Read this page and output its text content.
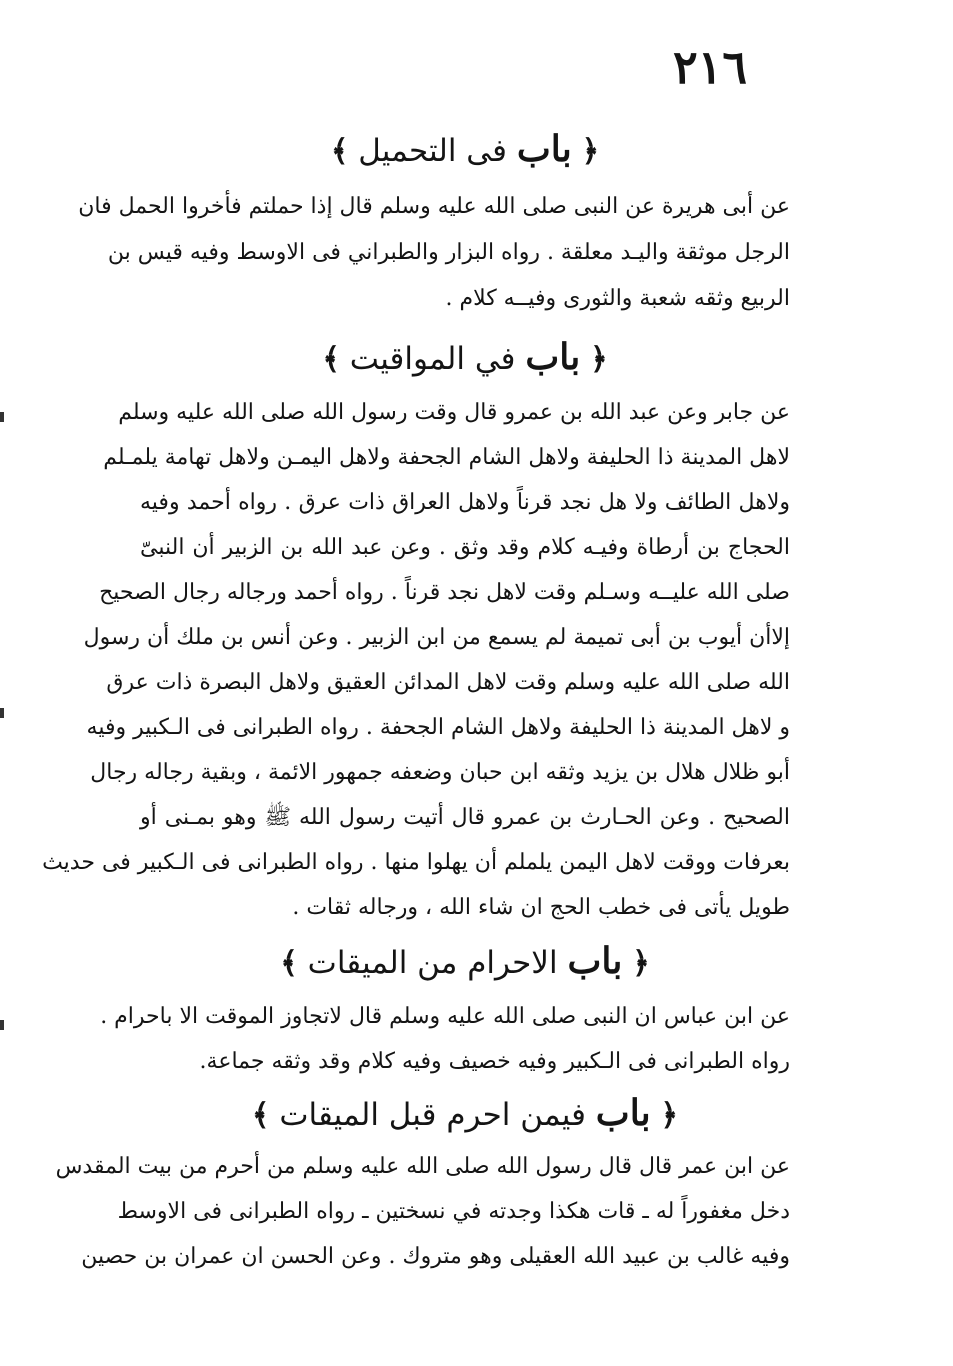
٢١٦
﴿ باب فى التحميل ﴾
عن أبى هريرة عن النبى صلى الله عليه وسلم قال إذا حملتم فأخروا الحمل فان
الرجل موثقة واليـد معلقة . رواه البزار والطبراني فى الاوسط وفيه قيس بن
الربيع وثقه شعبة والثورى وفيــه كلام .
﴿ باب في المواقيت ﴾
عن جابر وعن عبد الله بن عمرو قال وقت رسول الله صلى الله عليه وسلم
لاهل المدينة ذا الحليفة ولاهل الشام الجحفة ولاهل اليمـن ولاهل تهامة يلمـلم
ولاهل الطائف ولا هل نجد قرناً ولاهل العراق ذات عرق . رواه أحمد وفيه
الحجاج بن أرطاة وفيـه كلام وقد وثق . وعن عبد الله بن الزبير أن النبىّ
صلى الله عليــه وسـلم وقت لاهل نجد قرناً . رواه أحمد ورجاله رجال الصحيح
إلاأن أيوب بن أبى تميمة لم يسمع من ابن الزبير . وعن أنس بن ملك أن رسول
الله صلى الله عليه وسلم وقت لاهل المدائن العقيق ولاهل البصرة ذات عرق
و لاهل المدينة ذا الحليفة ولاهل الشام الجحفة . رواه الطبرانى فى الـكبير وفيه
أبو ظلال هلال بن يزيد وثقه ابن حبان وضعفه جمهور الائمة ، وبقية رجاله رجال
الصحيح . وعن الحـارث بن عمرو قال أتيت رسول الله ﷺ وهو بمـنى أو
بعرفات ووقت لاهل اليمن يلملم أن يهلوا منها . رواه الطبرانى فى الـكبير فى حديث
طويل يأتى فى خطب الحج ان شاء الله ، ورجاله ثقات .
﴿ باب الاحرام من الميقات ﴾
عن ابن عباس ان النبى صلى الله عليه وسلم قال لاتجاوز الموقت الا باحرام .
رواه الطبرانى فى الـكبير وفيه خصيف وفيه كلام وقد وثقه جماعة.
﴿ باب فيمن احرم قبل الميقات ﴾
عن ابن عمر قال قال رسول الله صلى الله عليه وسلم من أحرم من بيت المقدس
دخل مغفوراً له ـ قات هكذا وجدته في نسختين ـ رواه الطبرانى فى الاوسط
وفيه غالب بن عبيد الله العقيلى وهو متروك . وعن الحسن ان عمران بن حصين
